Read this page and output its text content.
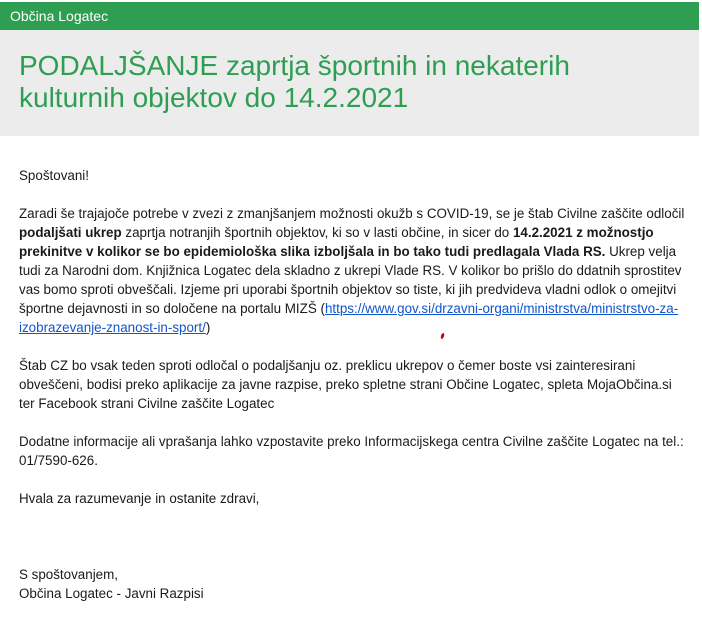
Občina Logatec
PODALJŠANJE zaprtja športnih in nekaterih kulturnih objektov do 14.2.2021

Spoštovani!

Zaradi še trajajoče potrebe v zvezi z zmanjšanjem možnosti okužb s COVID-19, se je štab Civilne zaščite odločil podaljšati ukrep zaprtja notranjih športnih objektov, ki so v lasti občine, in sicer do 14.2.2021 z možnostjo prekinitve v kolikor se bo epidemiološka slika izboljšala in bo tako tudi predlagala Vlada RS. Ukrep velja tudi za Narodni dom. Knjižnica Logatec dela skladno z ukrepi Vlade RS. V kolikor bo prišlo do ddatnih sprostitev vas bomo sproti obveščali. Izjeme pri uporabi športnih objektov so tiste, ki jih predvideva vladni odlok o omejitvi športne dejavnosti in so določene na portalu MIZŠ (https://www.gov.si/drzavni-organi/ministrstva/ministrstvo-za-izobrazevanje-znanost-in-sport/)

Štab CZ bo vsak teden sproti odločal o podaljšanju oz. preklicu ukrepov o čemer boste vsi zainteresirani obveščeni, bodisi preko aplikacije za javne razpise, preko spletne strani Občine Logatec, spleta MojaObčina.si ter Facebook strani Civilne zaščite Logatec

Dodatne informacije ali vprašanja lahko vzpostavite preko Informacijskega centra Civilne zaščite Logatec na tel.: 01/7590-626.

Hvala za razumevanje in ostanite zdravi,

S spoštovanjem,

Občina Logatec - Javni Razpisi
